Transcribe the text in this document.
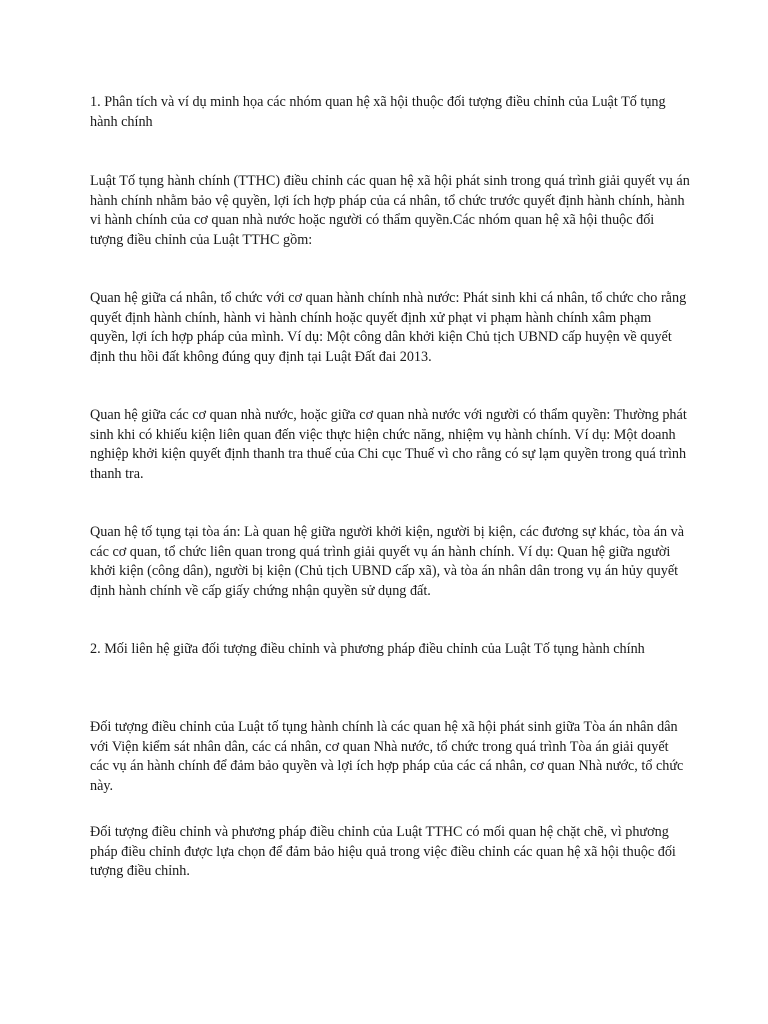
1. Phân tích và ví dụ minh họa các nhóm quan hệ xã hội thuộc đối tượng điều chỉnh của Luật Tố tụng hành chính

Luật Tố tụng hành chính (TTHC) điều chỉnh các quan hệ xã hội phát sinh trong quá trình giải quyết vụ án hành chính nhằm bảo vệ quyền, lợi ích hợp pháp của cá nhân, tổ chức trước quyết định hành chính, hành vi hành chính của cơ quan nhà nước hoặc người có thẩm quyền.Các nhóm quan hệ xã hội thuộc đối tượng điều chỉnh của Luật TTHC gồm:

Quan hệ giữa cá nhân, tổ chức với cơ quan hành chính nhà nước: Phát sinh khi cá nhân, tổ chức cho rằng quyết định hành chính, hành vi hành chính hoặc quyết định xử phạt vi phạm hành chính xâm phạm quyền, lợi ích hợp pháp của mình. Ví dụ: Một công dân khởi kiện Chủ tịch UBND cấp huyện về quyết định thu hồi đất không đúng quy định tại Luật Đất đai 2013.

Quan hệ giữa các cơ quan nhà nước, hoặc giữa cơ quan nhà nước với người có thẩm quyền: Thường phát sinh khi có khiếu kiện liên quan đến việc thực hiện chức năng, nhiệm vụ hành chính. Ví dụ: Một doanh nghiệp khởi kiện quyết định thanh tra thuế của Chi cục Thuế vì cho rằng có sự lạm quyền trong quá trình thanh tra.

Quan hệ tố tụng tại tòa án: Là quan hệ giữa người khởi kiện, người bị kiện, các đương sự khác, tòa án và các cơ quan, tổ chức liên quan trong quá trình giải quyết vụ án hành chính. Ví dụ: Quan hệ giữa người khởi kiện (công dân), người bị kiện (Chủ tịch UBND cấp xã), và tòa án nhân dân trong vụ án hủy quyết định hành chính về cấp giấy chứng nhận quyền sử dụng đất.

2. Mối liên hệ giữa đối tượng điều chỉnh và phương pháp điều chỉnh của Luật Tố tụng hành chính

Đối tượng điều chỉnh của Luật tố tụng hành chính là các quan hệ xã hội phát sinh giữa Tòa án nhân dân với Viện kiểm sát nhân dân, các cá nhân, cơ quan Nhà nước, tổ chức trong quá trình Tòa án giải quyết các vụ án hành chính để đảm bảo quyền và lợi ích hợp pháp của các cá nhân, cơ quan Nhà nước, tổ chức này.

Đối tượng điều chỉnh và phương pháp điều chỉnh của Luật TTHC có mối quan hệ chặt chẽ, vì phương pháp điều chỉnh được lựa chọn để đảm bảo hiệu quả trong việc điều chỉnh các quan hệ xã hội thuộc đối tượng điều chỉnh.
